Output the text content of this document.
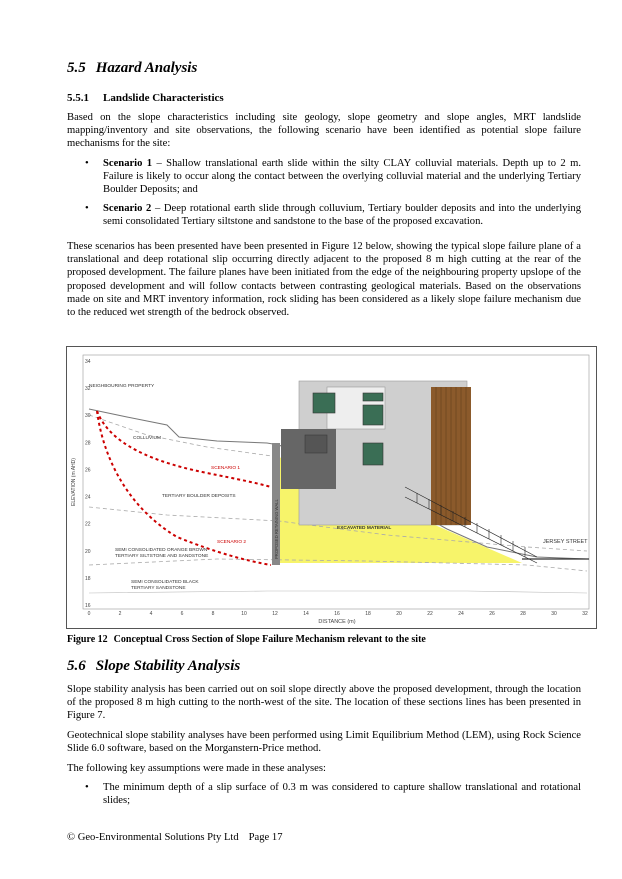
5.5 Hazard Analysis
5.5.1 Landslide Characteristics

Based on the slope characteristics including site geology, slope geometry and slope angles, MRT landslide mapping/inventory and site observations, the following scenario have been identified as potential slope failure mechanisms for the site:

• Scenario 1 – Shallow translational earth slide within the silty CLAY colluvial materials. Depth up to 2 m. Failure is likely to occur along the contact between the overlying colluvial material and the underlying Tertiary Boulder Deposits; and
• Scenario 2 – Deep rotational earth slide through colluvium, Tertiary boulder deposits and into the underlying semi consolidated Tertiary siltstone and sandstone to the base of the proposed excavation.

These scenarios has been presented have been presented in Figure 12 below, showing the typical slope failure plane of a translational and deep rotational slip occurring directly adjacent to the proposed 8 m high cutting at the rear of the proposed development. The failure planes have been initiated from the edge of the neighbouring property upslope of the proposed development and will follow contacts between contrasting geological materials. Based on the observations made on site and MRT inventory information, rock sliding has been considered as a likely slope failure mechanism due to the reduced wet strength of the bedrock observed.

34
32
30
28
26
24
22
20
18
16
0	2	4	6	8	10	12	14	16	18	20	22	24	26	28	30	32
DISTANCE (m)
ELEVATION (m AHD)
NEIGHBOURING PROPERTY
COLLUVIUM
SCENARIO 1
TERTIARY BOULDER DEPOSITS
SCENARIO 2
SEMI CONSOLIDATED ORANGE BROWN
TERTIARY SILTSTONE AND SANDSTONE
SEMI CONSOLIDATED BLACK
TERTIARY SANDSTONE
EXCAVATED MATERIAL
JERSEY STREET
PROPOSED RETAINING WALL
Figure 12 Conceptual Cross Section of Slope Failure Mechanism relevant to the site
5.6 Slope Stability Analysis

Slope stability analysis has been carried out on soil slope directly above the proposed development, through the location of the proposed 8 m high cutting to the north-west of the site. The location of these sections lines has been presented in Figure 7.

Geotechnical slope stability analyses have been performed using Limit Equilibrium Method (LEM), using Rock Science Slide 6.0 software, based on the Morganstern-Price method.

The following key assumptions were made in these analyses:

• The minimum depth of a slip surface of 0.3 m was considered to capture shallow translational and rotational slides;
© Geo-Environmental Solutions Pty Ltd Page 17
